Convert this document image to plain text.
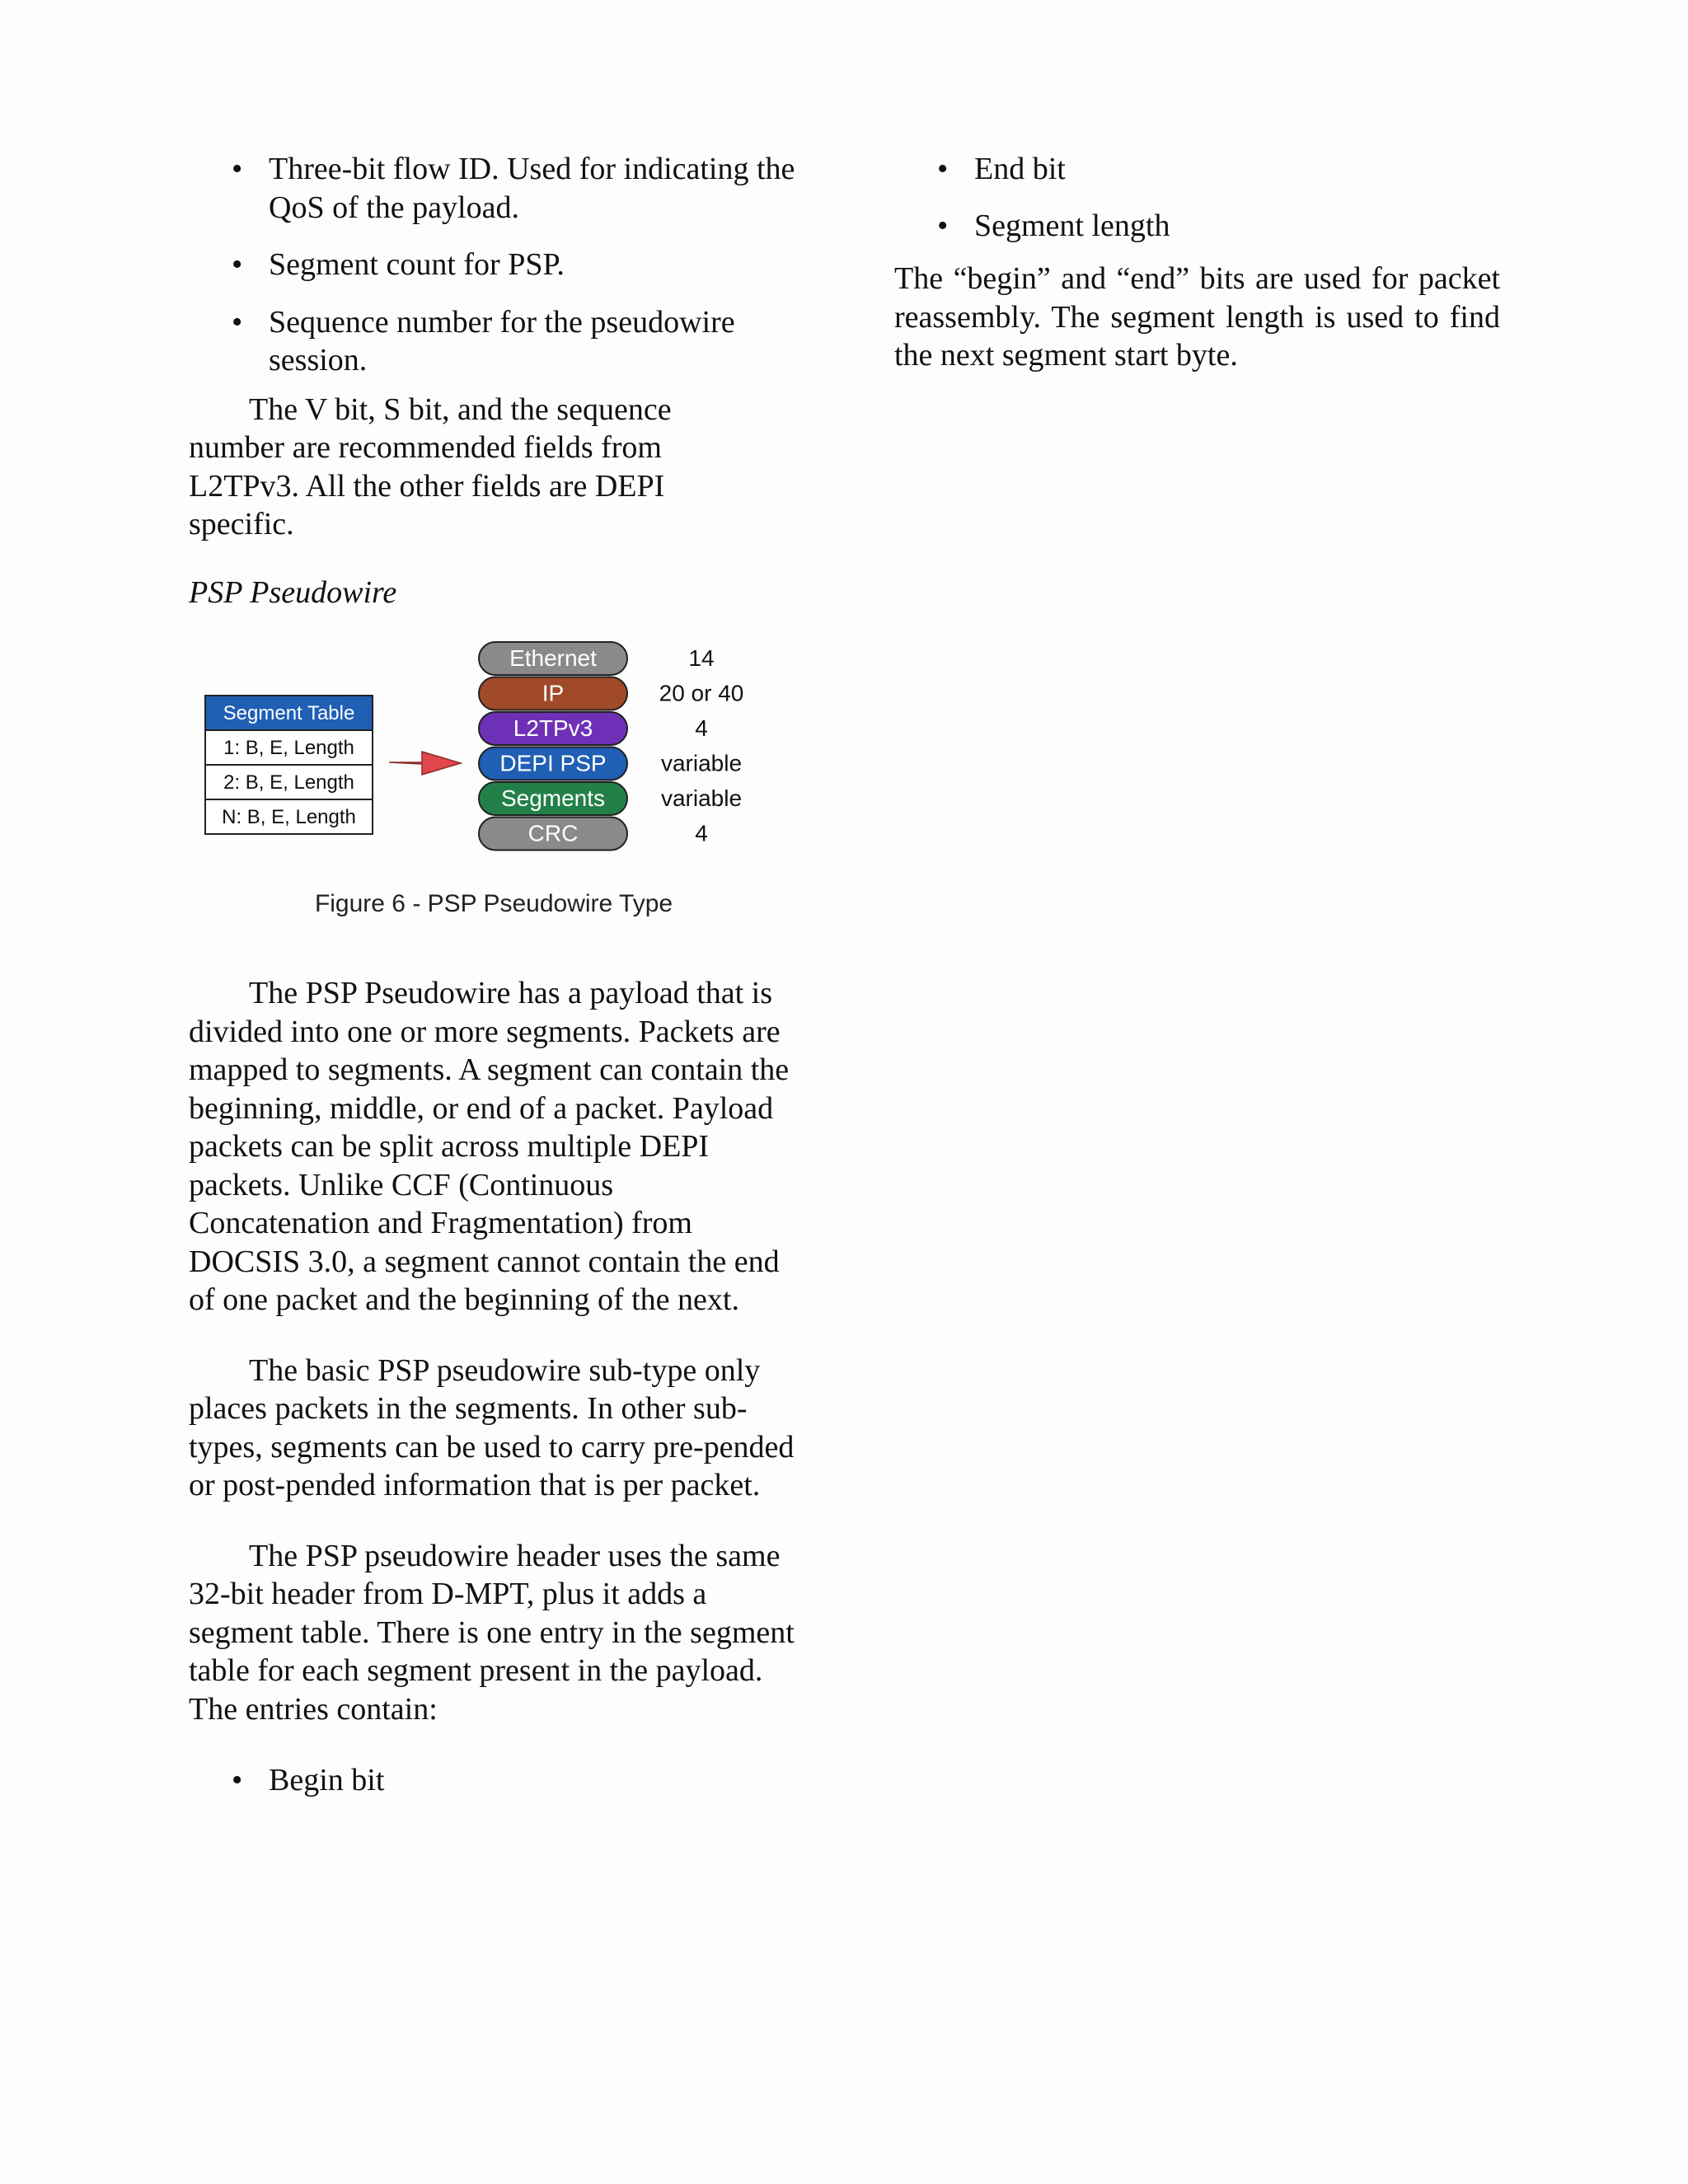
• Three-bit flow ID. Used for indicating the QoS of the payload.
• Segment count for PSP.
• Sequence number for the pseudowire session.

The V bit, S bit, and the sequence number are recommended fields from L2TPv3. All the other fields are DEPI specific.

PSP Pseudowire

Segment Table
1: B, E, Length
2: B, E, Length
N: B, E, Length
Ethernet	14
IP	20 or 40
L2TPv3	4
DEPI PSP variable
Segments variable
CRC	4
Figure 6 - PSP Pseudowire Type

The PSP Pseudowire has a payload that is divided into one or more segments. Packets are mapped to segments. A segment can contain the beginning, middle, or end of a packet. Payload packets can be split across multiple DEPI packets. Unlike CCF (Continuous Concatenation and Fragmentation) from DOCSIS 3.0, a segment cannot contain the end of one packet and the beginning of the next.

The basic PSP pseudowire sub-type only places packets in the segments. In other sub-types, segments can be used to carry pre-pended or post-pended information that is per packet.

The PSP pseudowire header uses the same 32-bit header from D-MPT, plus it adds a segment table. There is one entry in the segment table for each segment present in the payload. The entries contain:

• Begin bit
• End bit
• Segment length

The “begin” and “end” bits are used for packet reassembly. The segment length is used to find the next segment start byte.
